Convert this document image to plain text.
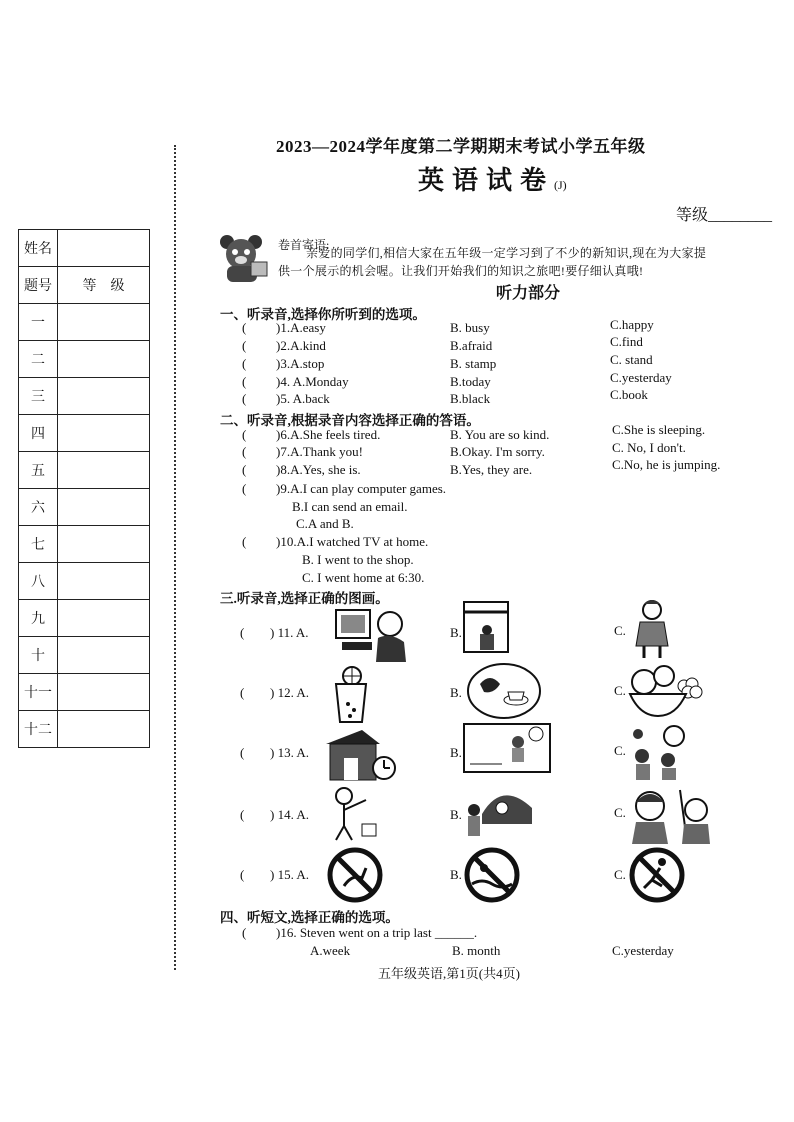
姓名	
题号	等　级
一	
二	
三	
四	
五	
六	
七	
八	
九	
十	
十一	
十二	
2023—2024学年度第二学期期末考试小学五年级
英语试卷(J)
等级________
卷首寄语:
亲爱的同学们,相信大家在五年级一定学习到了不少的新知识,现在为大家提
供一个展示的机会喔。让我们开始我们的知识之旅吧!要仔细认真哦!
听力部分
一、听录音,选择你所听到的选项。
( )1.A.easy	B. busy	C.happy
( )2.A.kind	B.afraid	C.find
( )3.A.stop	B. stamp	C. stand
( )4. A.Monday	B.today	C.yesterday
( )5. A.back	B.black	C.book
二、听录音,根据录音内容选择正确的答语。
( )6.A.She feels tired.	B. You are so kind.	C.She is sleeping.
( )7.A.Thank you!	B.Okay. I'm sorry.	C. No, I don't.
( )8.A.Yes, she is.	B.Yes, they are.	C.No, he is jumping.
( )9.A.I can play computer games.
B.I can send an email.
C.A and B.
( )10.A.I watched TV at home.
B. I went to the shop.
C. I went home at 6:30.
三.听录音,选择正确的图画。
( ) 11. A.	B.	C.
( ) 12. A.	B.	C.
( ) 13. A.	B.	C.
( ) 14. A.	B.	C.
( ) 15. A.	B.	C.
四、听短文,选择正确的选项。
( )16. Steven went on a trip last ______.
A.week	B. month	C.yesterday
五年级英语,第1页(共4页)
